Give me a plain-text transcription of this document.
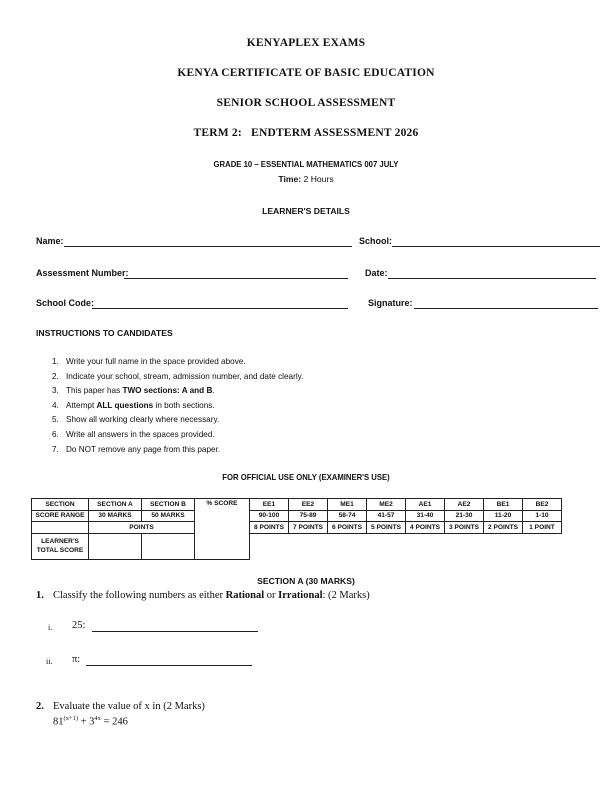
KENYAPLEX EXAMS
KENYA CERTIFICATE OF BASIC EDUCATION
SENIOR SCHOOL ASSESSMENT
TERM 2:   ENDTERM ASSESSMENT 2026
GRADE 10 – ESSENTIAL MATHEMATICS 007 JULY
Time: 2 Hours
LEARNER'S DETAILS
Name:	School:
Assessment Number:	Date:
School Code:	Signature:
INSTRUCTIONS TO CANDIDATES
1. Write your full name in the space provided above.
2. Indicate your school, stream, admission number, and date clearly.
3. This paper has TWO sections: A and B.
4. Attempt ALL questions in both sections.
5. Show all working clearly where necessary.
6. Write all answers in the spaces provided.
7. Do NOT remove any page from this paper.
FOR OFFICIAL USE ONLY (EXAMINER'S USE)
SECTION	SECTION A	SECTION B	% SCORE	EE1	EE2	ME1	ME2	AE1	AE2	BE1	BE2
SCORE RANGE	30 MARKS	50 MARKS		90-100	75-89	58-74	41-57	31-40	21-30	11-20	1-10
	POINTS			8 POINTS	7 POINTS	6 POINTS	5 POINTS	4 POINTS	3 POINTS	2 POINTS	1 POINT
LEARNER'S
TOTAL SCORE											
SECTION A (30 MARKS)
1. Classify the following numbers as either Rational or Irrational: (2 Marks)
i. 25:
ii. π:
2. Evaluate the value of x in (2 Marks)
$81^{(x+1)} + 3^{4x} = 246$
